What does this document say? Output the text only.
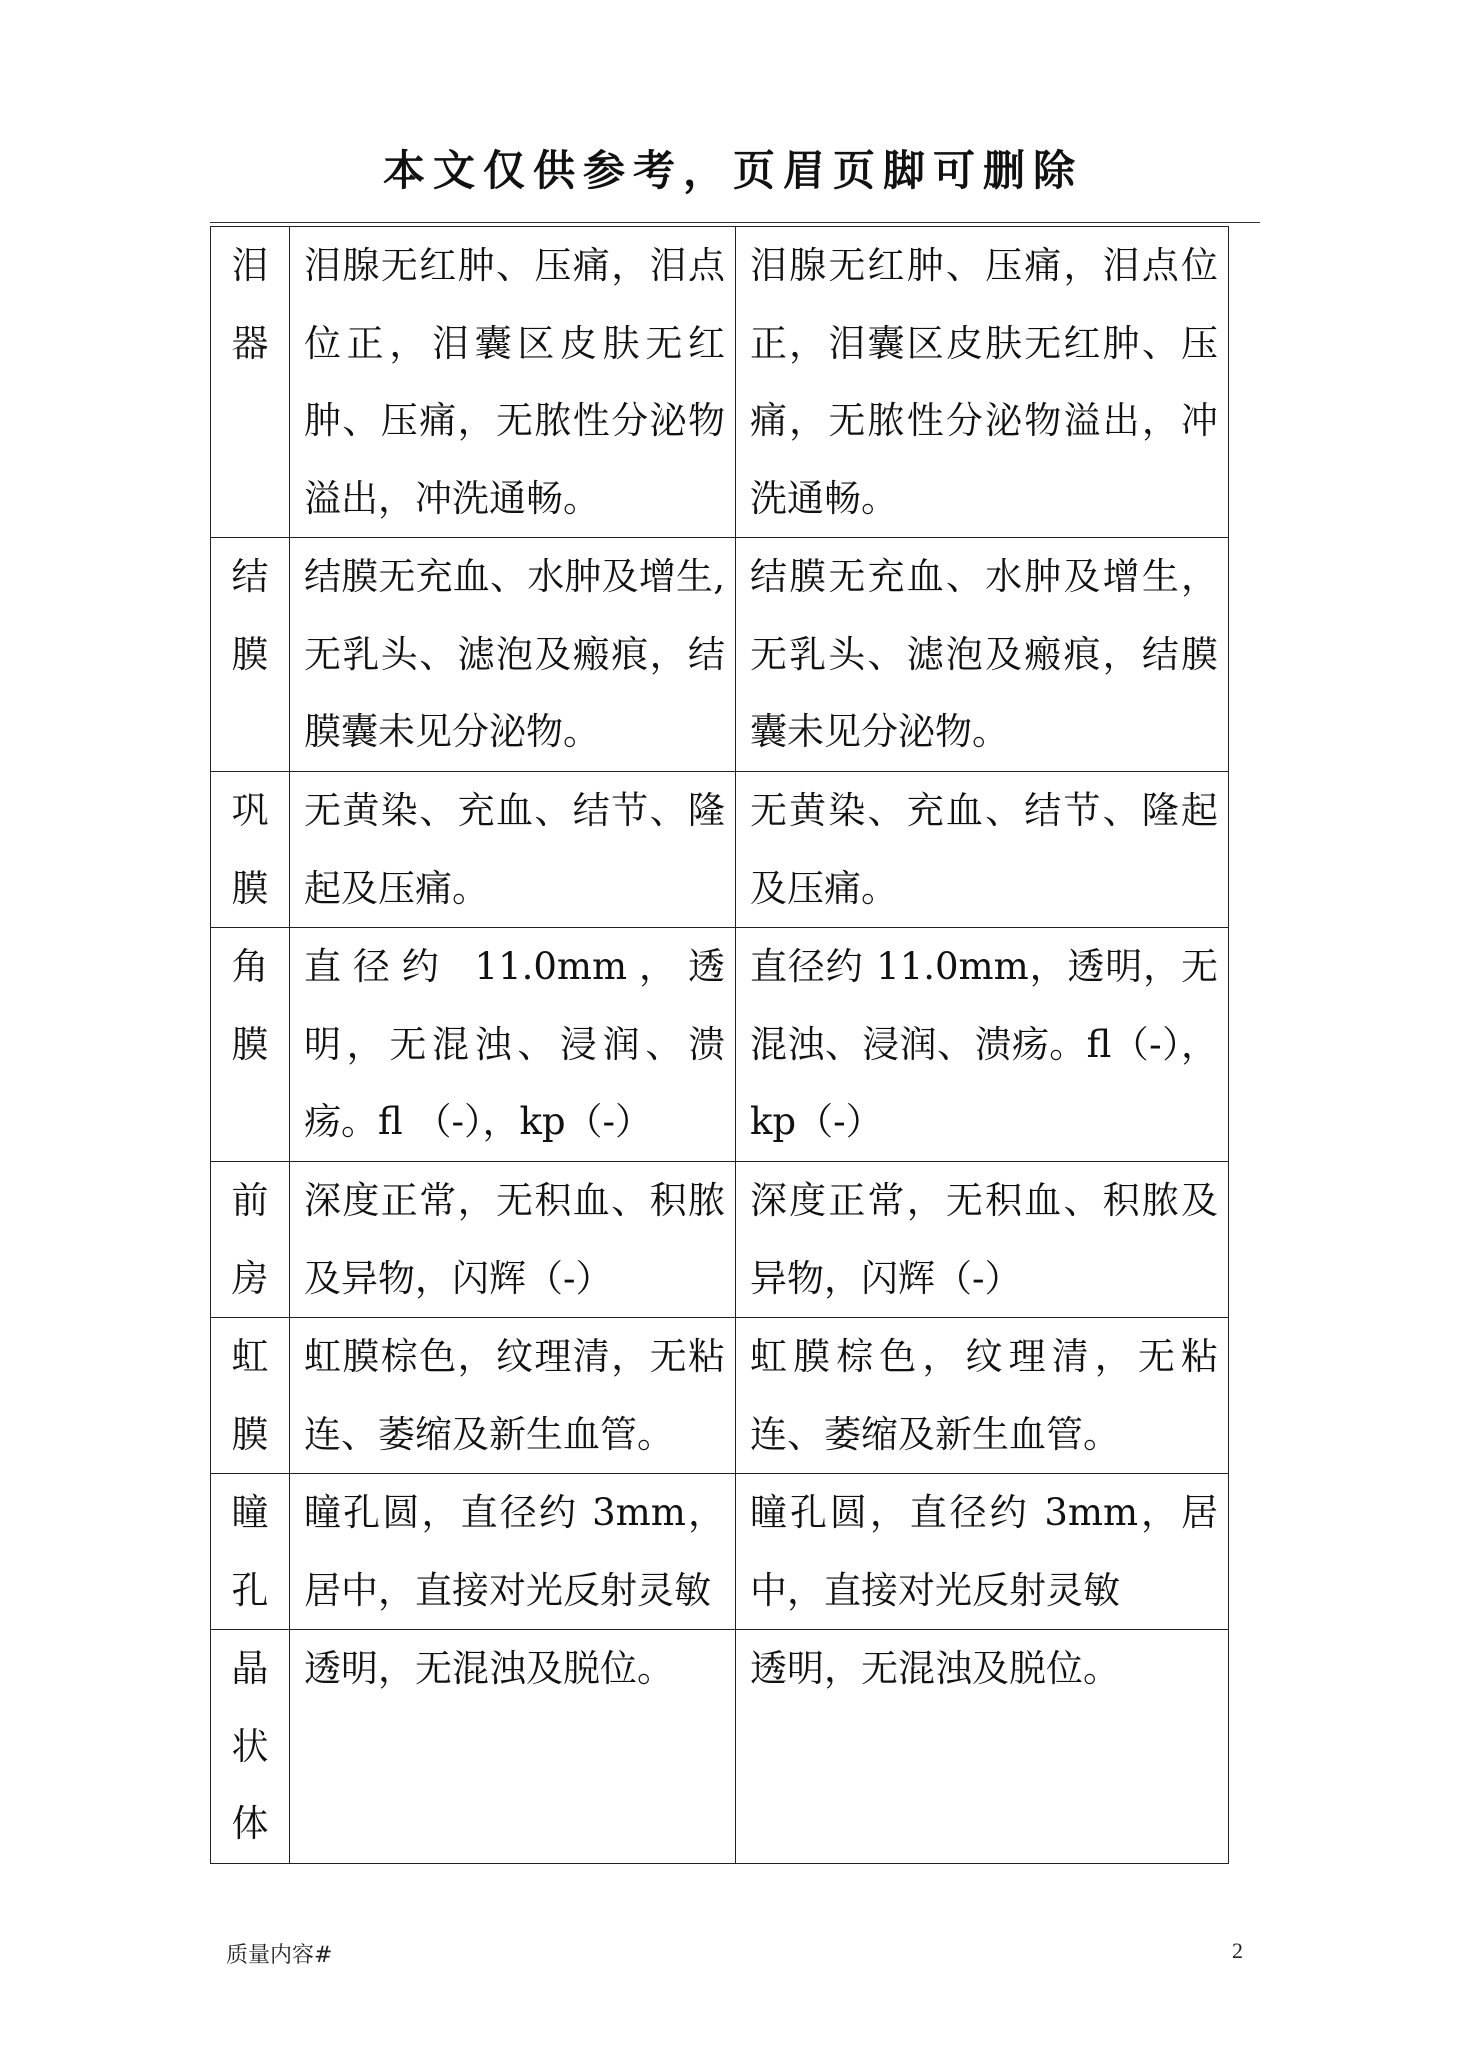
本文仅供参考，页眉页脚可删除
泪器	泪腺无红肿、压痛，泪点位正，泪囊区皮肤无红肿、压痛，无脓性分泌物溢出，冲洗通畅。	泪腺无红肿、压痛，泪点位正，泪囊区皮肤无红肿、压痛，无脓性分泌物溢出，冲洗通畅。

结膜	结膜无充血、水肿及增生,无乳头、滤泡及瘢痕，结膜囊未见分泌物。	结膜无充血、水肿及增生，无乳头、滤泡及瘢痕，结膜囊未见分泌物。

巩膜	无黄染、充血、结节、隆起及压痛。	无黄染、充血、结节、隆起及压痛。

角膜	直径约 11.0mm，透明，无混浊、浸润、溃疡。fl （-），kp（-）	直径约 11.0mm，透明，无混浊、浸润、溃疡。fl（-），kp（-）

前房	深度正常，无积血、积脓及异物，闪辉（-）	深度正常，无积血、积脓及异物，闪辉（-）

虹膜	虹膜棕色，纹理清，无粘连、萎缩及新生血管。	虹膜棕色，纹理清，无粘连、萎缩及新生血管。

瞳孔	瞳孔圆，直径约 3mm，居中，直接对光反射灵敏	瞳孔圆，直径约 3mm，居中，直接对光反射灵敏

晶状体	透明，无混浊及脱位。	透明，无混浊及脱位。
质量内容#	2
